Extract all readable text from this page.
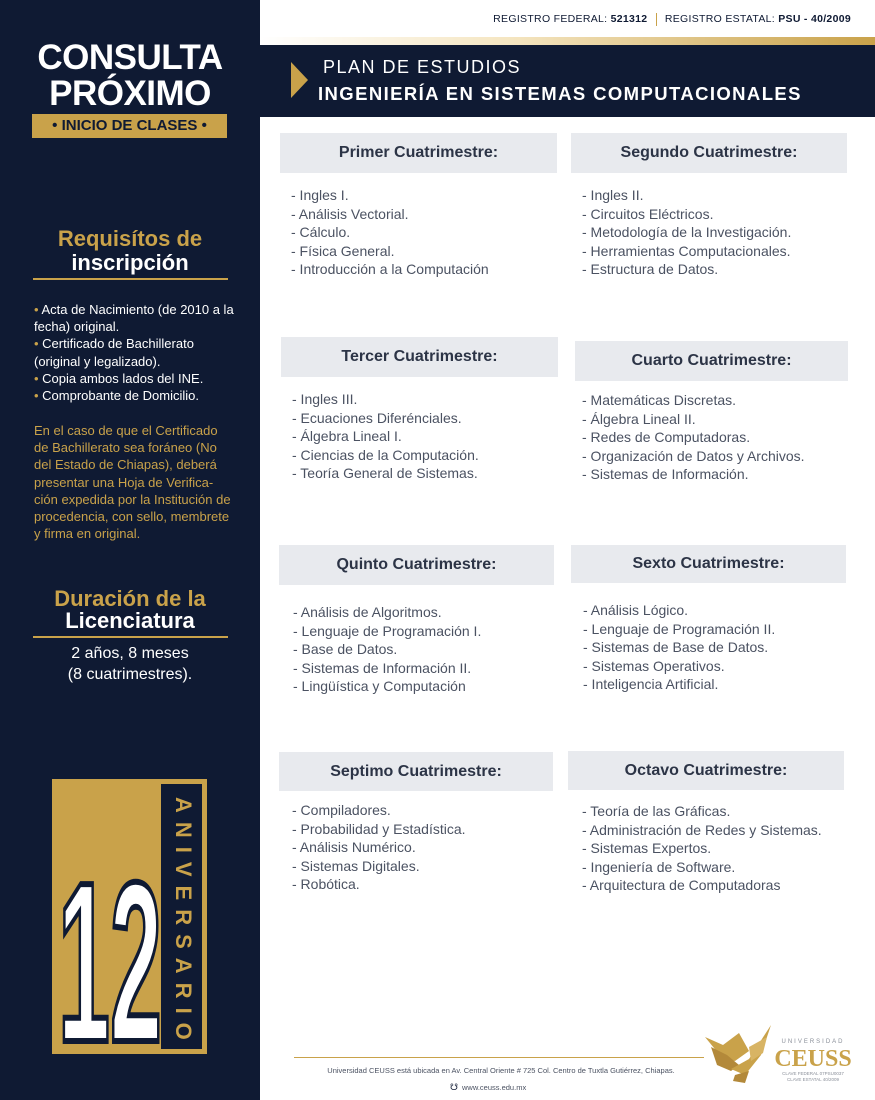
CONSULTA
PRÓXIMO
• INICIO DE CLASES •
Requisítos de
inscripción
• Acta de Nacimiento (de 2010 a la fecha) original.
• Certificado de Bachillerato (original y legalizado).
• Copia ambos lados del INE.
• Comprobante de Domicilio.

En el caso de que el Certificado de Bachillerato sea foráneo (No del Estado de Chiapas), deberá presentar una Hoja de Verifica-ción expedida por la Institución de procedencia, con sello, membrete y firma en original.

Duración de la
Licenciatura
2 años, 8 meses
(8 cuatrimestres).
12 ANIVERSARIO
REGISTRO FEDERAL: 521312 REGISTRO ESTATAL: PSU - 40/2009
PLAN DE ESTUDIOS
INGENIERÍA EN SISTEMAS COMPUTACIONALES
Primer Cuatrimestre:
- Ingles I.
- Análisis Vectorial.
- Cálculo.
- Física General.
- Introducción a la Computación
Segundo Cuatrimestre:
- Ingles II.
- Circuitos Eléctricos.
- Metodología de la Investigación.
- Herramientas Computacionales.
- Estructura de Datos.
Tercer Cuatrimestre:
- Ingles III.
- Ecuaciones Diferénciales.
- Álgebra Lineal I.
- Ciencias de la Computación.
- Teoría General de Sistemas.
Cuarto Cuatrimestre:
- Matemáticas Discretas.
- Álgebra Lineal II.
- Redes de Computadoras.
- Organización de Datos y Archivos.
- Sistemas de Información.
Quinto Cuatrimestre:
- Análisis de Algoritmos.
- Lenguaje de Programación I.
- Base de Datos.
- Sistemas de Información II.
- Lingüística y Computación
Sexto Cuatrimestre:
- Análisis Lógico.
- Lenguaje de Programación II.
- Sistemas de Base de Datos.
- Sistemas Operativos.
- Inteligencia Artificial.
Septimo Cuatrimestre:
- Compiladores.
- Probabilidad y Estadística.
- Análisis Numérico.
- Sistemas Digitales.
- Robótica.
Octavo Cuatrimestre:
- Teoría de las Gráficas.
- Administración de Redes y Sistemas.
- Sistemas Expertos.
- Ingeniería de Software.
- Arquitectura de Computadoras
Universidad CEUSS está ubicada en Av. Central Oriente # 725 Col. Centro de Tuxtla Gutiérrez, Chiapas.
☋ www.ceuss.edu.mx
UNIVERSIDAD
CEUSS
CLAVE FEDERAL 07PSU0037
CLAVE ESTATAL 40/2009
